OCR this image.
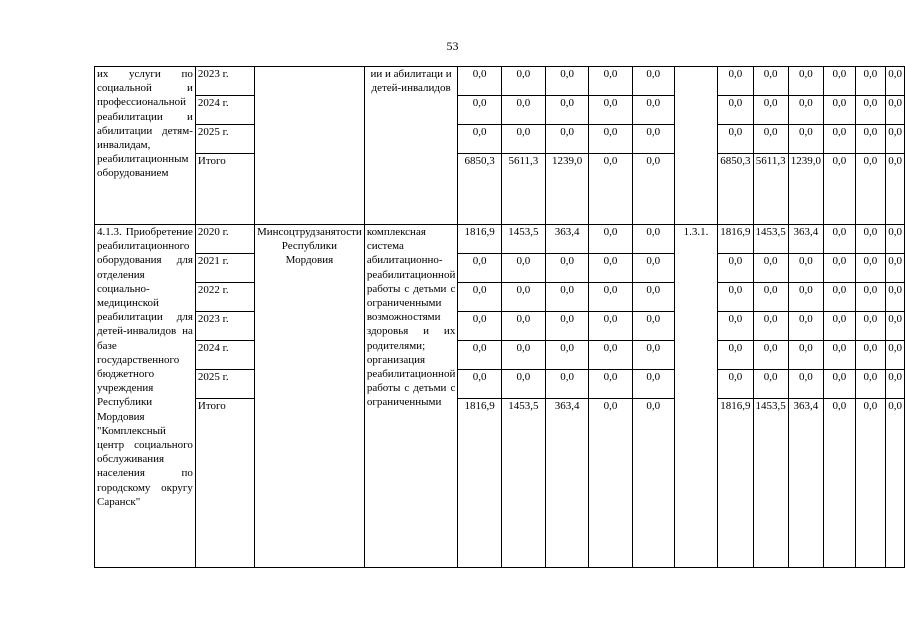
53
их услуги по социальной и профессиональной реабилитации и абилитации детям-инвалидам, реабилитационным оборудованием	2023 г.		ии и абилитаци и детей-инвалидов	0,0	0,0	0,0	0,0	0,0		0,0	0,0	0,0	0,0	0,0	0,0
	2024 г.			0,0	0,0	0,0	0,0	0,0		0,0	0,0	0,0	0,0	0,0	0,0
	2025 г.			0,0	0,0	0,0	0,0	0,0		0,0	0,0	0,0	0,0	0,0	0,0
	Итого			6850,3	5611,3	1239,0	0,0	0,0		6850,3	5611,3	1239,0	0,0	0,0	0,0
4.1.3. Приобретение реабилитационного оборудования для отделения социально-медицинской реабилитации для детей-инвалидов на базе государственного бюджетного учреждения Республики Мордовия "Комплексный центр социального обслуживания населения по городскому округу Саранск"	2020 г.	Минсоцтрудзанятости Республики Мордовия	комплексная система абилитационно-реабилитационной работы с детьми с ограниченными возможностями здоровья и их родителями; организация реабилитационной работы с детьми с ограниченными	1816,9	1453,5	363,4	0,0	0,0	1.3.1.	1816,9	1453,5	363,4	0,0	0,0	0,0
	2021 г.			0,0	0,0	0,0	0,0	0,0		0,0	0,0	0,0	0,0	0,0	0,0
	2022 г.			0,0	0,0	0,0	0,0	0,0		0,0	0,0	0,0	0,0	0,0	0,0
	2023 г.			0,0	0,0	0,0	0,0	0,0		0,0	0,0	0,0	0,0	0,0	0,0
	2024 г.			0,0	0,0	0,0	0,0	0,0		0,0	0,0	0,0	0,0	0,0	0,0
	2025 г.			0,0	0,0	0,0	0,0	0,0		0,0	0,0	0,0	0,0	0,0	0,0
	Итого			1816,9	1453,5	363,4	0,0	0,0		1816,9	1453,5	363,4	0,0	0,0	0,0
